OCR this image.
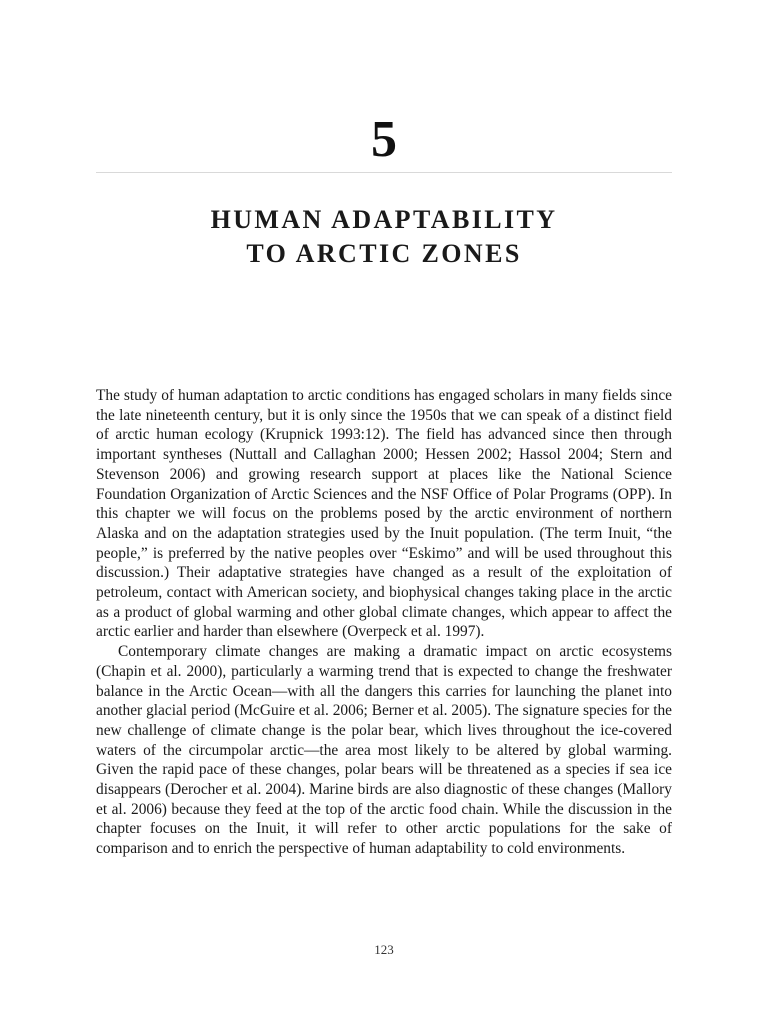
5
HUMAN ADAPTABILITY
TO ARCTIC ZONES

The study of human adaptation to arctic conditions has engaged scholars in many fields since the late nineteenth century, but it is only since the 1950s that we can speak of a distinct field of arctic human ecology (Krupnick 1993:12). The field has advanced since then through important syntheses (Nuttall and Callaghan 2000; Hessen 2002; Hassol 2004; Stern and Stevenson 2006) and growing research support at places like the National Science Foundation Organization of Arctic Sciences and the NSF Office of Polar Programs (OPP). In this chapter we will focus on the problems posed by the arctic environment of northern Alaska and on the adaptation strategies used by the Inuit population. (The term Inuit, “the people,” is preferred by the native peoples over “Eskimo” and will be used throughout this discussion.) Their adaptative strategies have changed as a result of the exploitation of petroleum, contact with American society, and biophysical changes taking place in the arctic as a product of global warming and other global climate changes, which appear to affect the arctic earlier and harder than elsewhere (Overpeck et al. 1997).

Contemporary climate changes are making a dramatic impact on arctic ecosystems (Chapin et al. 2000), particularly a warming trend that is expected to change the freshwater balance in the Arctic Ocean—with all the dangers this carries for launching the planet into another glacial period (McGuire et al. 2006; Berner et al. 2005). The signature species for the new challenge of climate change is the polar bear, which lives throughout the ice-covered waters of the circumpolar arctic—the area most likely to be altered by global warming. Given the rapid pace of these changes, polar bears will be threatened as a species if sea ice disappears (Derocher et al. 2004). Marine birds are also diagnostic of these changes (Mallory et al. 2006) because they feed at the top of the arctic food chain. While the discussion in the chapter focuses on the Inuit, it will refer to other arctic populations for the sake of comparison and to enrich the perspective of human adaptability to cold environments.

123
